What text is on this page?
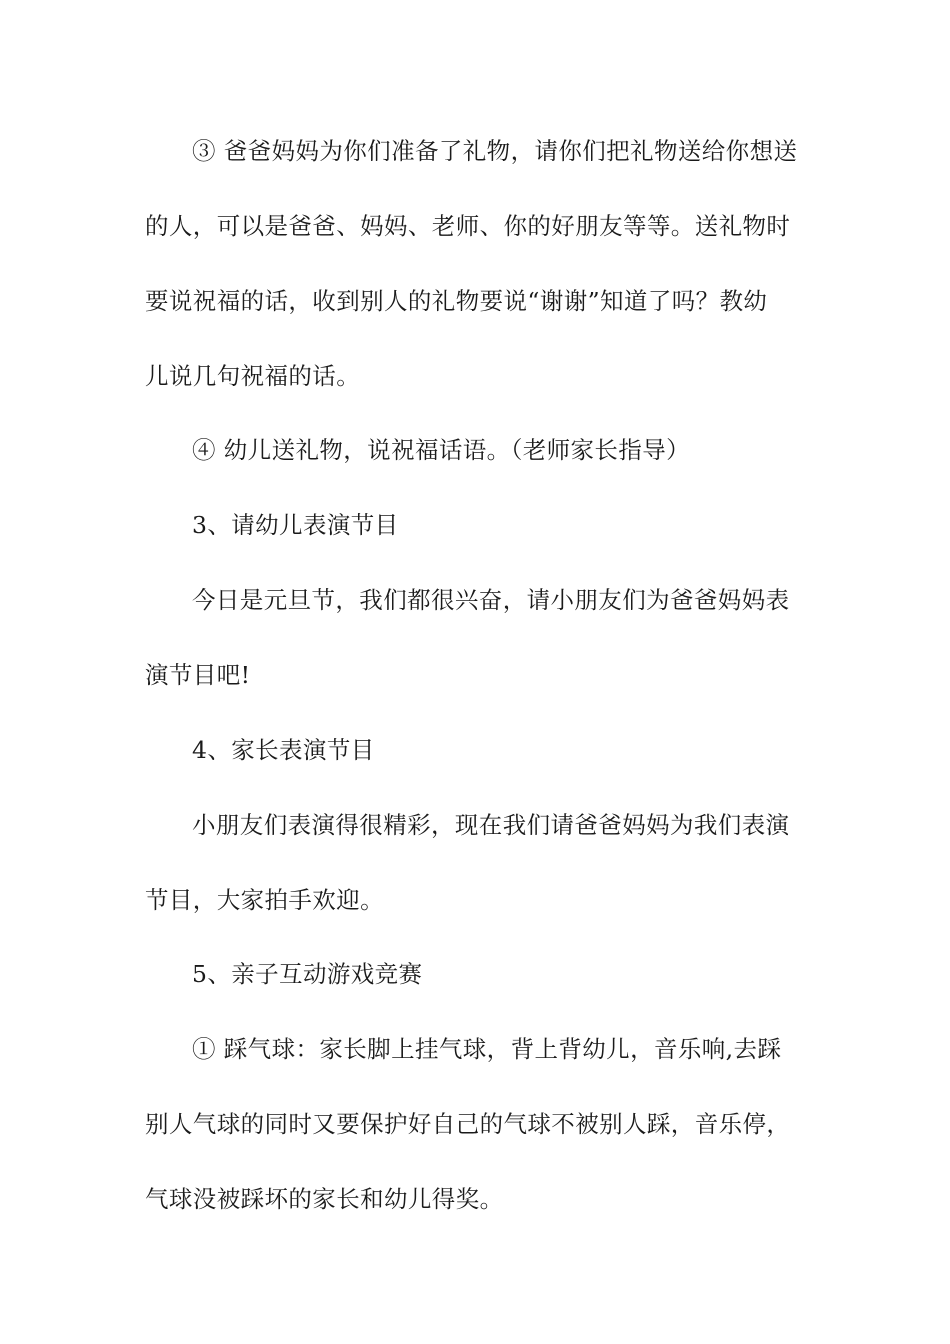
③ 爸爸妈妈为你们准备了礼物，请你们把礼物送给你想送
的人，可以是爸爸、妈妈、老师、你的好朋友等等。送礼物时
要说祝福的话，收到别人的礼物要说“谢谢”知道了吗？教幼
儿说几句祝福的话。
④ 幼儿送礼物，说祝福话语。（老师家长指导）
3、请幼儿表演节目
今日是元旦节，我们都很兴奋，请小朋友们为爸爸妈妈表
演节目吧!
4、家长表演节目
小朋友们表演得很精彩，现在我们请爸爸妈妈为我们表演
节目，大家拍手欢迎。
5、亲子互动游戏竞赛
① 踩气球：家长脚上挂气球，背上背幼儿，音乐响,去踩
别人气球的同时又要保护好自己的气球不被别人踩，音乐停，
气球没被踩坏的家长和幼儿得奖。
